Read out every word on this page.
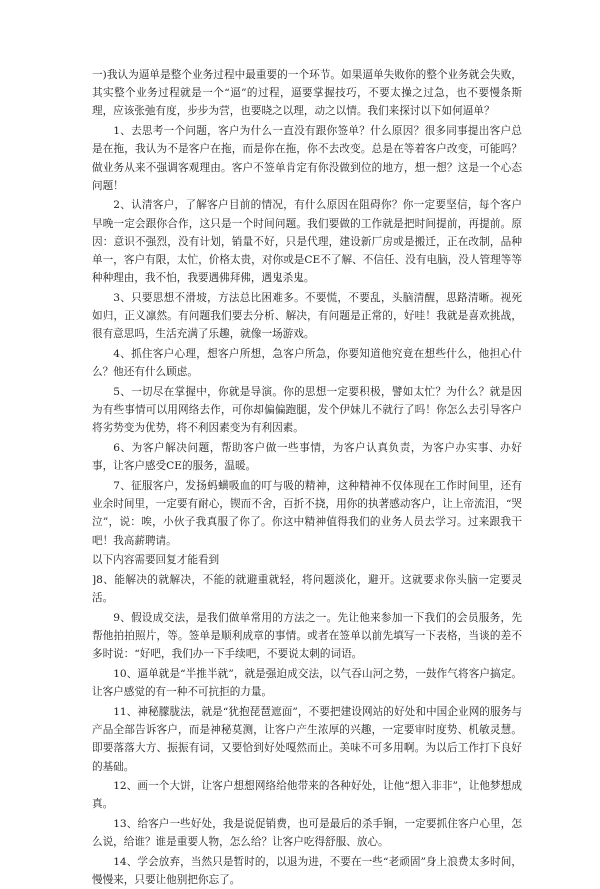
一)我认为逼单是整个业务过程中最重要的一个环节。如果逼单失败你的整个业务就会失败，其实整个业务过程就是一个“逼”的过程，逼要掌握技巧，不要太操之过急，也不要慢条斯理，应该张弛有度，步步为营，也要晓之以理，动之以情。我们来探讨以下如何逼单？

1、去思考一个问题，客户为什么一直没有跟你签单？什么原因？很多同事提出客户总是在拖，我认为不是客户在拖，而是你在拖，你不去改变。总是在等着客户改变，可能吗？做业务从来不强调客观理由。客户不签单肯定有你没做到位的地方，想一想？这是一个心态问题！

2、认清客户，了解客户目前的情况，有什么原因在阻碍你？你一定要坚信，每个客户早晚一定会跟你合作，这只是一个时间问题。我们要做的工作就是把时间提前，再提前。原因：意识不强烈，没有计划，销量不好，只是代理，建设新厂房或是搬迁，正在改制，品种单一，客户有限，太忙，价格太贵，对你或是CE不了解、不信任、没有电脑，没人管理等等种种理由，我不怕，我要遇佛拜佛，遇鬼杀鬼。

3、只要思想不滑坡，方法总比困难多。不要慌，不要乱，头脑清醒，思路清晰。视死如归，正义凛然。有问题我们要去分析、解决，有问题是正常的，好哇！我就是喜欢挑战，很有意思吗，生活充满了乐趣，就像一场游戏。

4、抓住客户心理，想客户所想，急客户所急，你要知道他究竟在想些什么，他担心什么？他还有什么顾虑。

5、一切尽在掌握中，你就是导演。你的思想一定要积极，譬如太忙？为什么？就是因为有些事情可以用网络去作，可你却偏偏跑腿，发个伊妹儿不就行了吗！你怎么去引导客户将劣势变为优势，将不利因素变为有利因素。

6、为客户解决问题，帮助客户做一些事情，为客户认真负责，为客户办实事、办好事，让客户感受CE的服务，温暖。

7、征服客户，发扬蚂蟥吸血的叮与吸的精神，这种精神不仅体现在工作时间里，还有业余时间里，一定要有耐心，锲而不舍，百折不挠，用你的执著感动客户，让上帝流泪，“哭泣”，说：唉，小伙子我真服了你了。你这中精神值得我们的业务人员去学习。过来跟我干吧！我高薪聘请。

以下内容需要回复才能看到

]8、能解决的就解决，不能的就避重就轻，将问题淡化，避开。这就要求你头脑一定要灵活。

9、假设成交法，是我们做单常用的方法之一。先让他来参加一下我们的会员服务，先帮他拍拍照片，等。签单是顺利成章的事情。或者在签单以前先填写一下表格，当谈的差不多时说：“好吧，我们办一下手续吧，不要说太刺的词语。

10、逼单就是“半推半就”，就是强迫成交法，以气吞山河之势，一鼓作气将客户搞定。让客户感觉的有一种不可抗拒的力量。

11、神秘朦胧法，就是“犹抱琵琶遮面”，不要把建设网站的好处和中国企业网的服务与产品全部告诉客户，而是神秘莫测，让客户产生浓厚的兴趣，一定要审时度势、机敏灵慧。即要落落大方、振振有词，又要恰到好处嘎然而止。美味不可多用啊。为以后工作打下良好的基础。

12、画一个大饼，让客户想想网络给他带来的各种好处，让他“想入非非”，让他梦想成真。

13、给客户一些好处，我是说促销费，也可是最后的杀手锏，一定要抓住客户心里，怎么说，给谁？谁是重要人物，怎么给？让客户吃得舒服、放心。

14、学会放弃，当然只是暂时的，以退为进，不要在一些“老顽固”身上浪费太多时间，慢慢来，只要让他别把你忘了。
